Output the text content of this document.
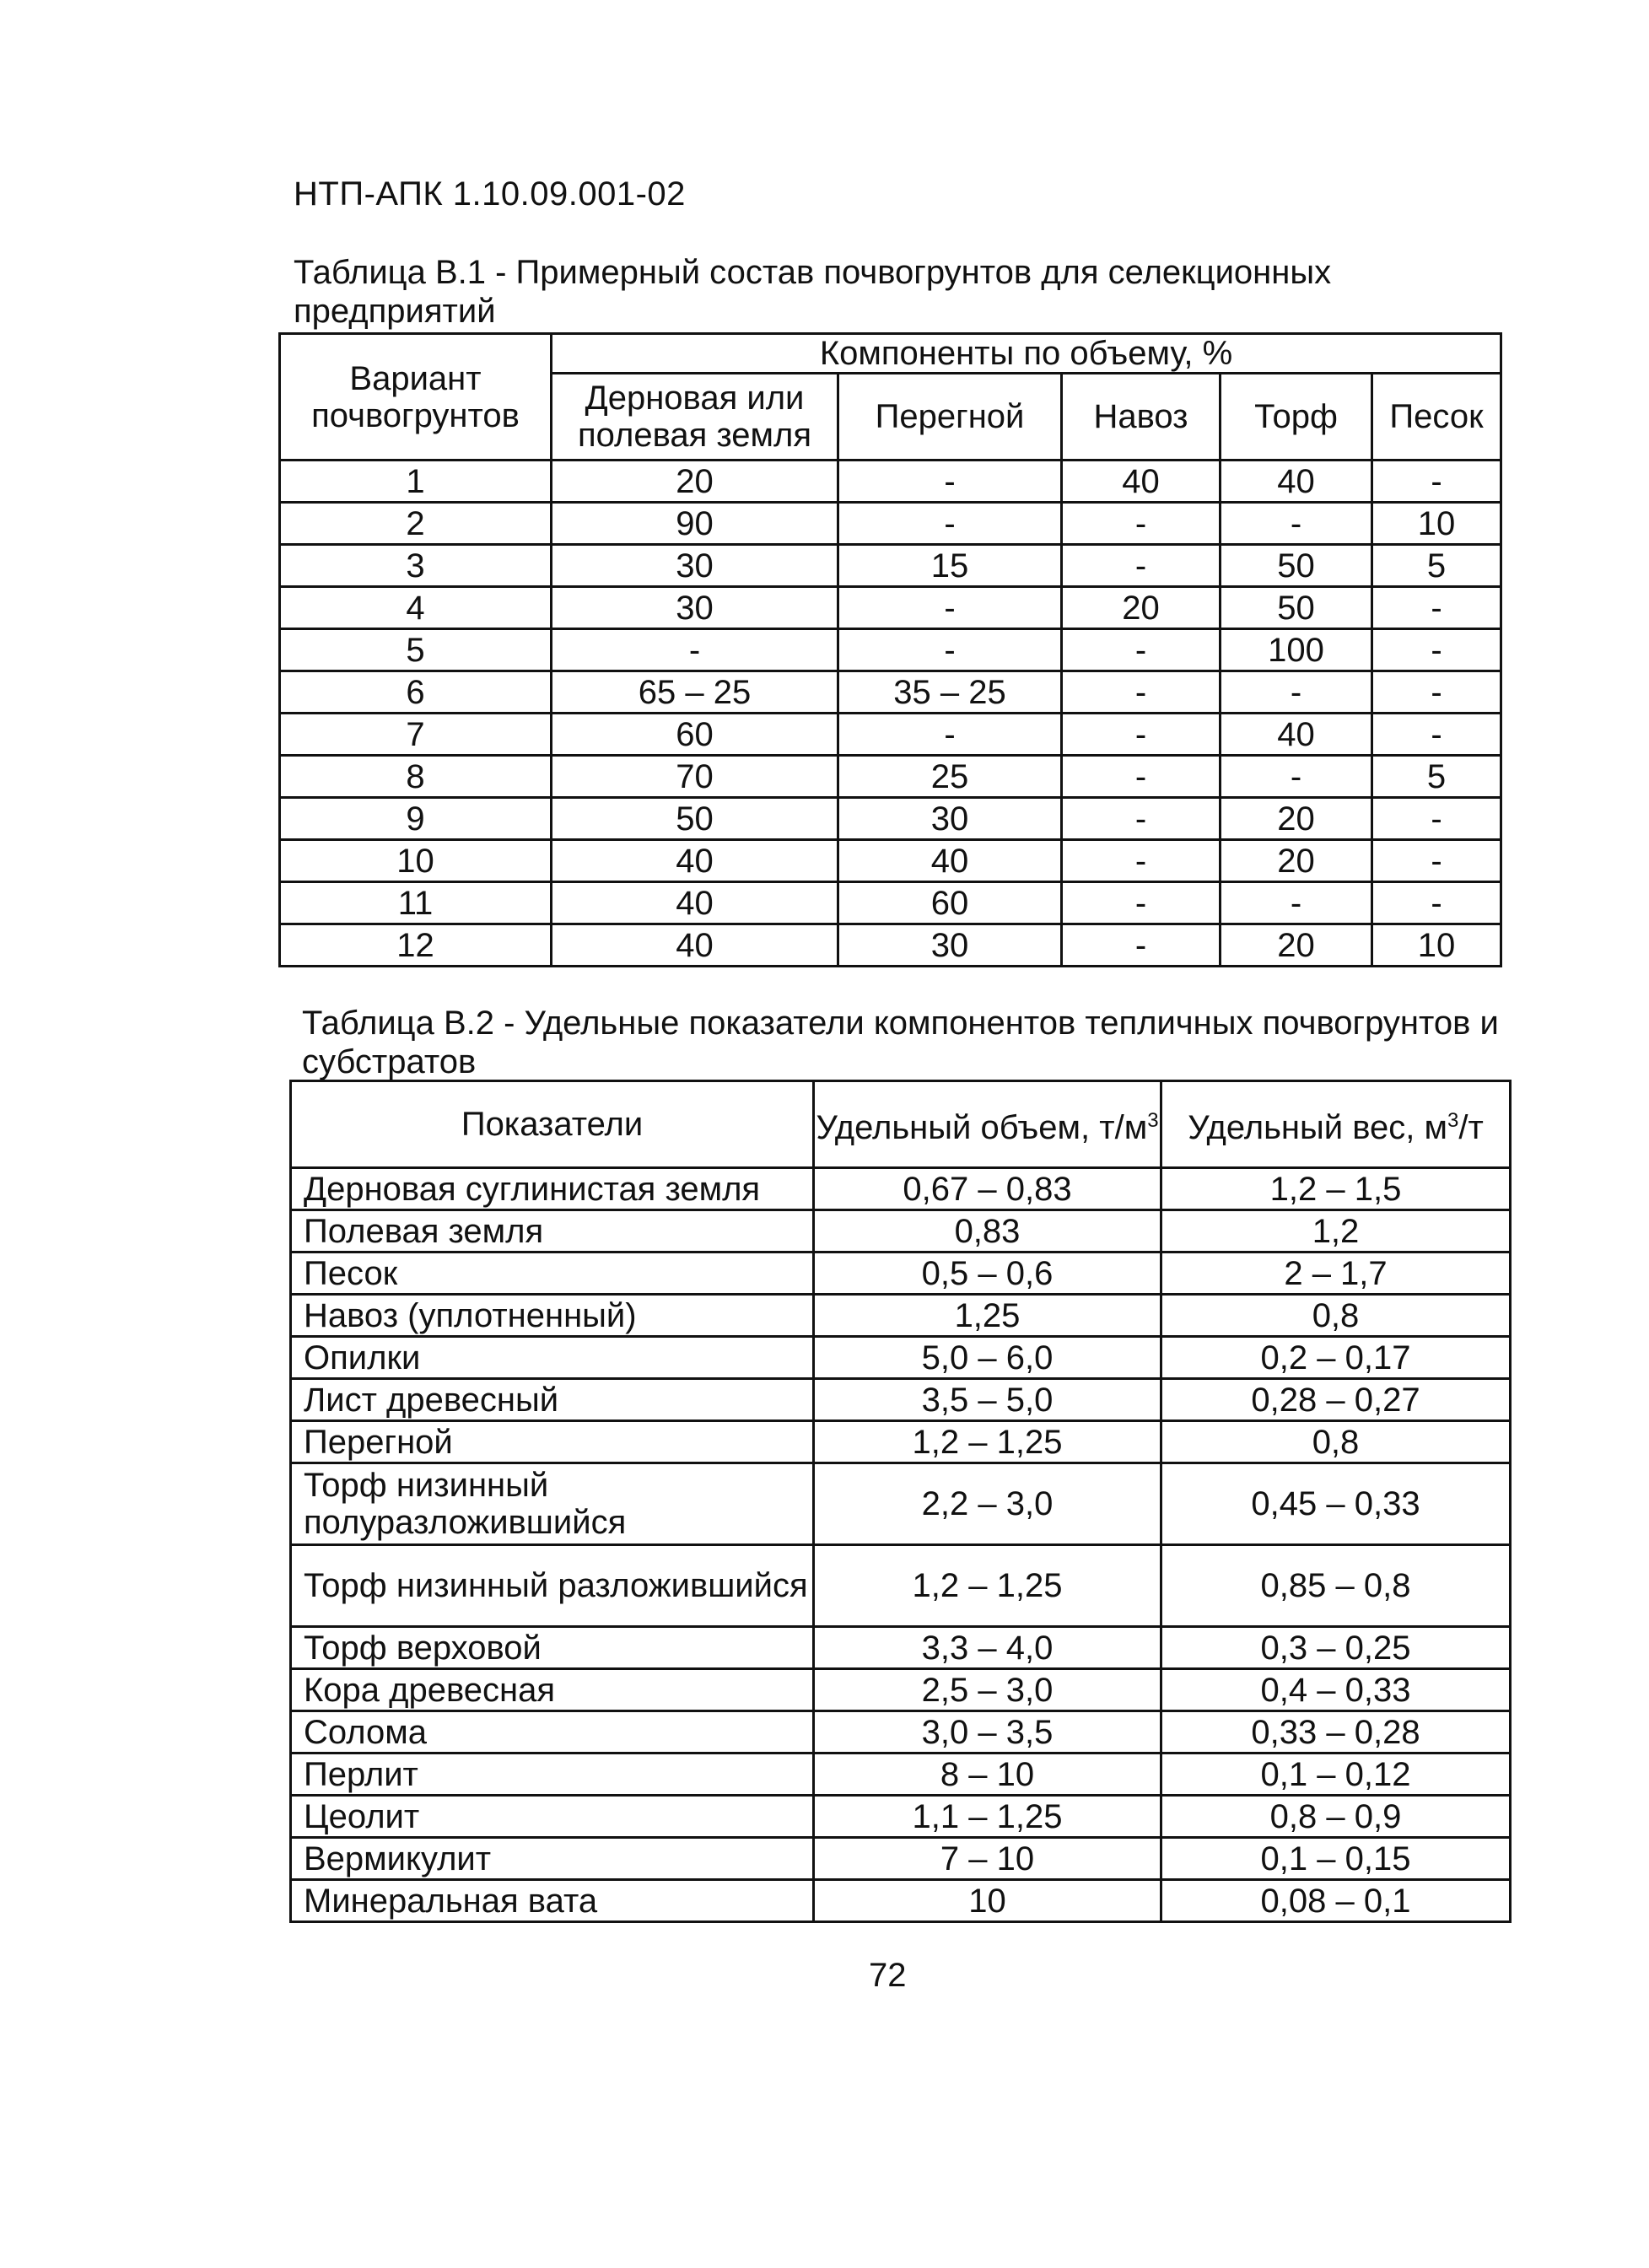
НТП-АПК 1.10.09.001-02
Таблица В.1 - Примерный состав почвогрунтов для селекционных предприятий
Вариант почвогрунтов	Компоненты по объему, %				
	Дерновая или полевая земля	Перегной	Навоз	Торф	Песок
1	20	-	40	40	-
2	90	-	-	-	10
3	30	15	-	50	5
4	30	-	20	50	-
5	-	-	-	100	-
6	65 – 25	35 – 25	-	-	-
7	60	-	-	40	-
8	70	25	-	-	5
9	50	30	-	20	-
10	40	40	-	20	-
11	40	60	-	-	-
12	40	30	-	20	10
Таблица В.2 - Удельные показатели компонентов тепличных почвогрунтов и субстратов
Показатели	Удельный объем, $т/м^3$	Удельный вес, $м^3/т$
Дерновая суглинистая земля	0,67 – 0,83	1,2 – 1,5
Полевая земля	0,83	1,2
Песок	0,5 – 0,6	2 – 1,7
Навоз (уплотненный)	1,25	0,8
Опилки	5,0 – 6,0	0,2 – 0,17
Лист древесный	3,5 – 5,0	0,28 – 0,27
Перегной	1,2 – 1,25	0,8
Торф низинный полуразложившийся	2,2 – 3,0	0,45 – 0,33
Торф низинный разложившийся	1,2 – 1,25	0,85 – 0,8
Торф верховой	3,3 – 4,0	0,3 – 0,25
Кора древесная	2,5 – 3,0	0,4 – 0,33
Солома	3,0 – 3,5	0,33 – 0,28
Перлит	8 – 10	0,1 – 0,12
Цеолит	1,1 – 1,25	0,8 – 0,9
Вермикулит	7 – 10	0,1 – 0,15
Минеральная вата	10	0,08 – 0,1
72
